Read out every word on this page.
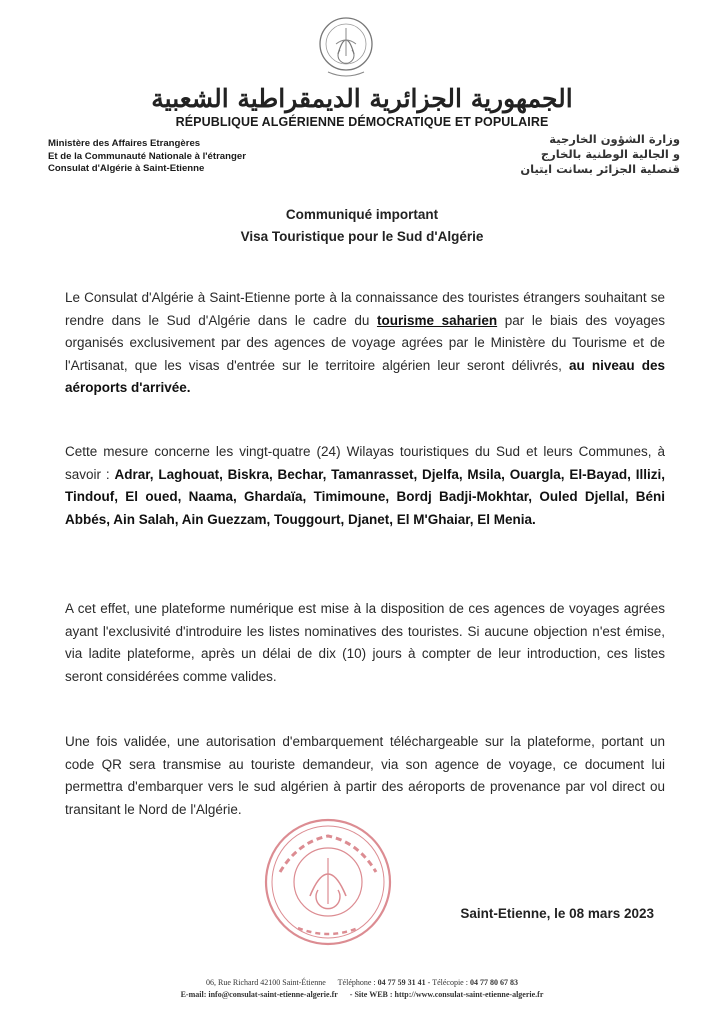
الجمهورية الجزائرية الديمقراطية الشعبية
RÉPUBLIQUE ALGÉRIENNE DÉMOCRATIQUE ET POPULAIRE
Ministère des Affaires Etrangères
Et de la Communauté Nationale à l'étranger
Consulat d'Algérie à Saint-Etienne
وزارة الشؤون الخارجية
و الجالية الوطنية بالخارج
قنصلية الجزائر بسانت ايتيان
Communiqué important
Visa Touristique pour le Sud d'Algérie
Le Consulat d'Algérie à Saint-Etienne porte à la connaissance des touristes étrangers souhaitant se rendre dans le Sud d'Algérie dans le cadre du tourisme saharien par le biais des voyages organisés exclusivement par des agences de voyage agrées par le Ministère du Tourisme et de l'Artisanat, que les visas d'entrée sur le territoire algérien leur seront délivrés, au niveau des aéroports d'arrivée.
Cette mesure concerne les vingt-quatre (24) Wilayas touristiques du Sud et leurs Communes, à savoir : Adrar, Laghouat, Biskra, Bechar, Tamanrasset, Djelfa, Msila, Ouargla, El-Bayad, Illizi, Tindouf, El oued, Naama, Ghardaïa, Timimoune, Bordj Badji-Mokhtar, Ouled Djellal, Béni Abbés, Ain Salah, Ain Guezzam, Touggourt, Djanet, El M'Ghaiar, El Menia.
A cet effet, une plateforme numérique est mise à la disposition de ces agences de voyages agrées ayant l'exclusivité d'introduire les listes nominatives des touristes. Si aucune objection n'est émise, via ladite plateforme, après un délai de dix (10) jours à compter de leur introduction, ces listes seront considérées comme valides.
Une fois validée, une autorisation d'embarquement téléchargeable sur la plateforme, portant un code QR sera transmise au touriste demandeur, via son agence de voyage, ce document lui permettra d'embarquer vers le sud algérien à partir des aéroports de provenance par vol direct ou transitant le Nord de l'Algérie.
Saint-Etienne, le 08 mars 2023
06, Rue Richard 42100 Saint-Étienne Téléphone : 04 77 59 31 41 - Télécopie : 04 77 80 67 83
E-mail: info@consulat-saint-etienne-algerie.fr - Site WEB : http://www.consulat-saint-etienne-algerie.fr
